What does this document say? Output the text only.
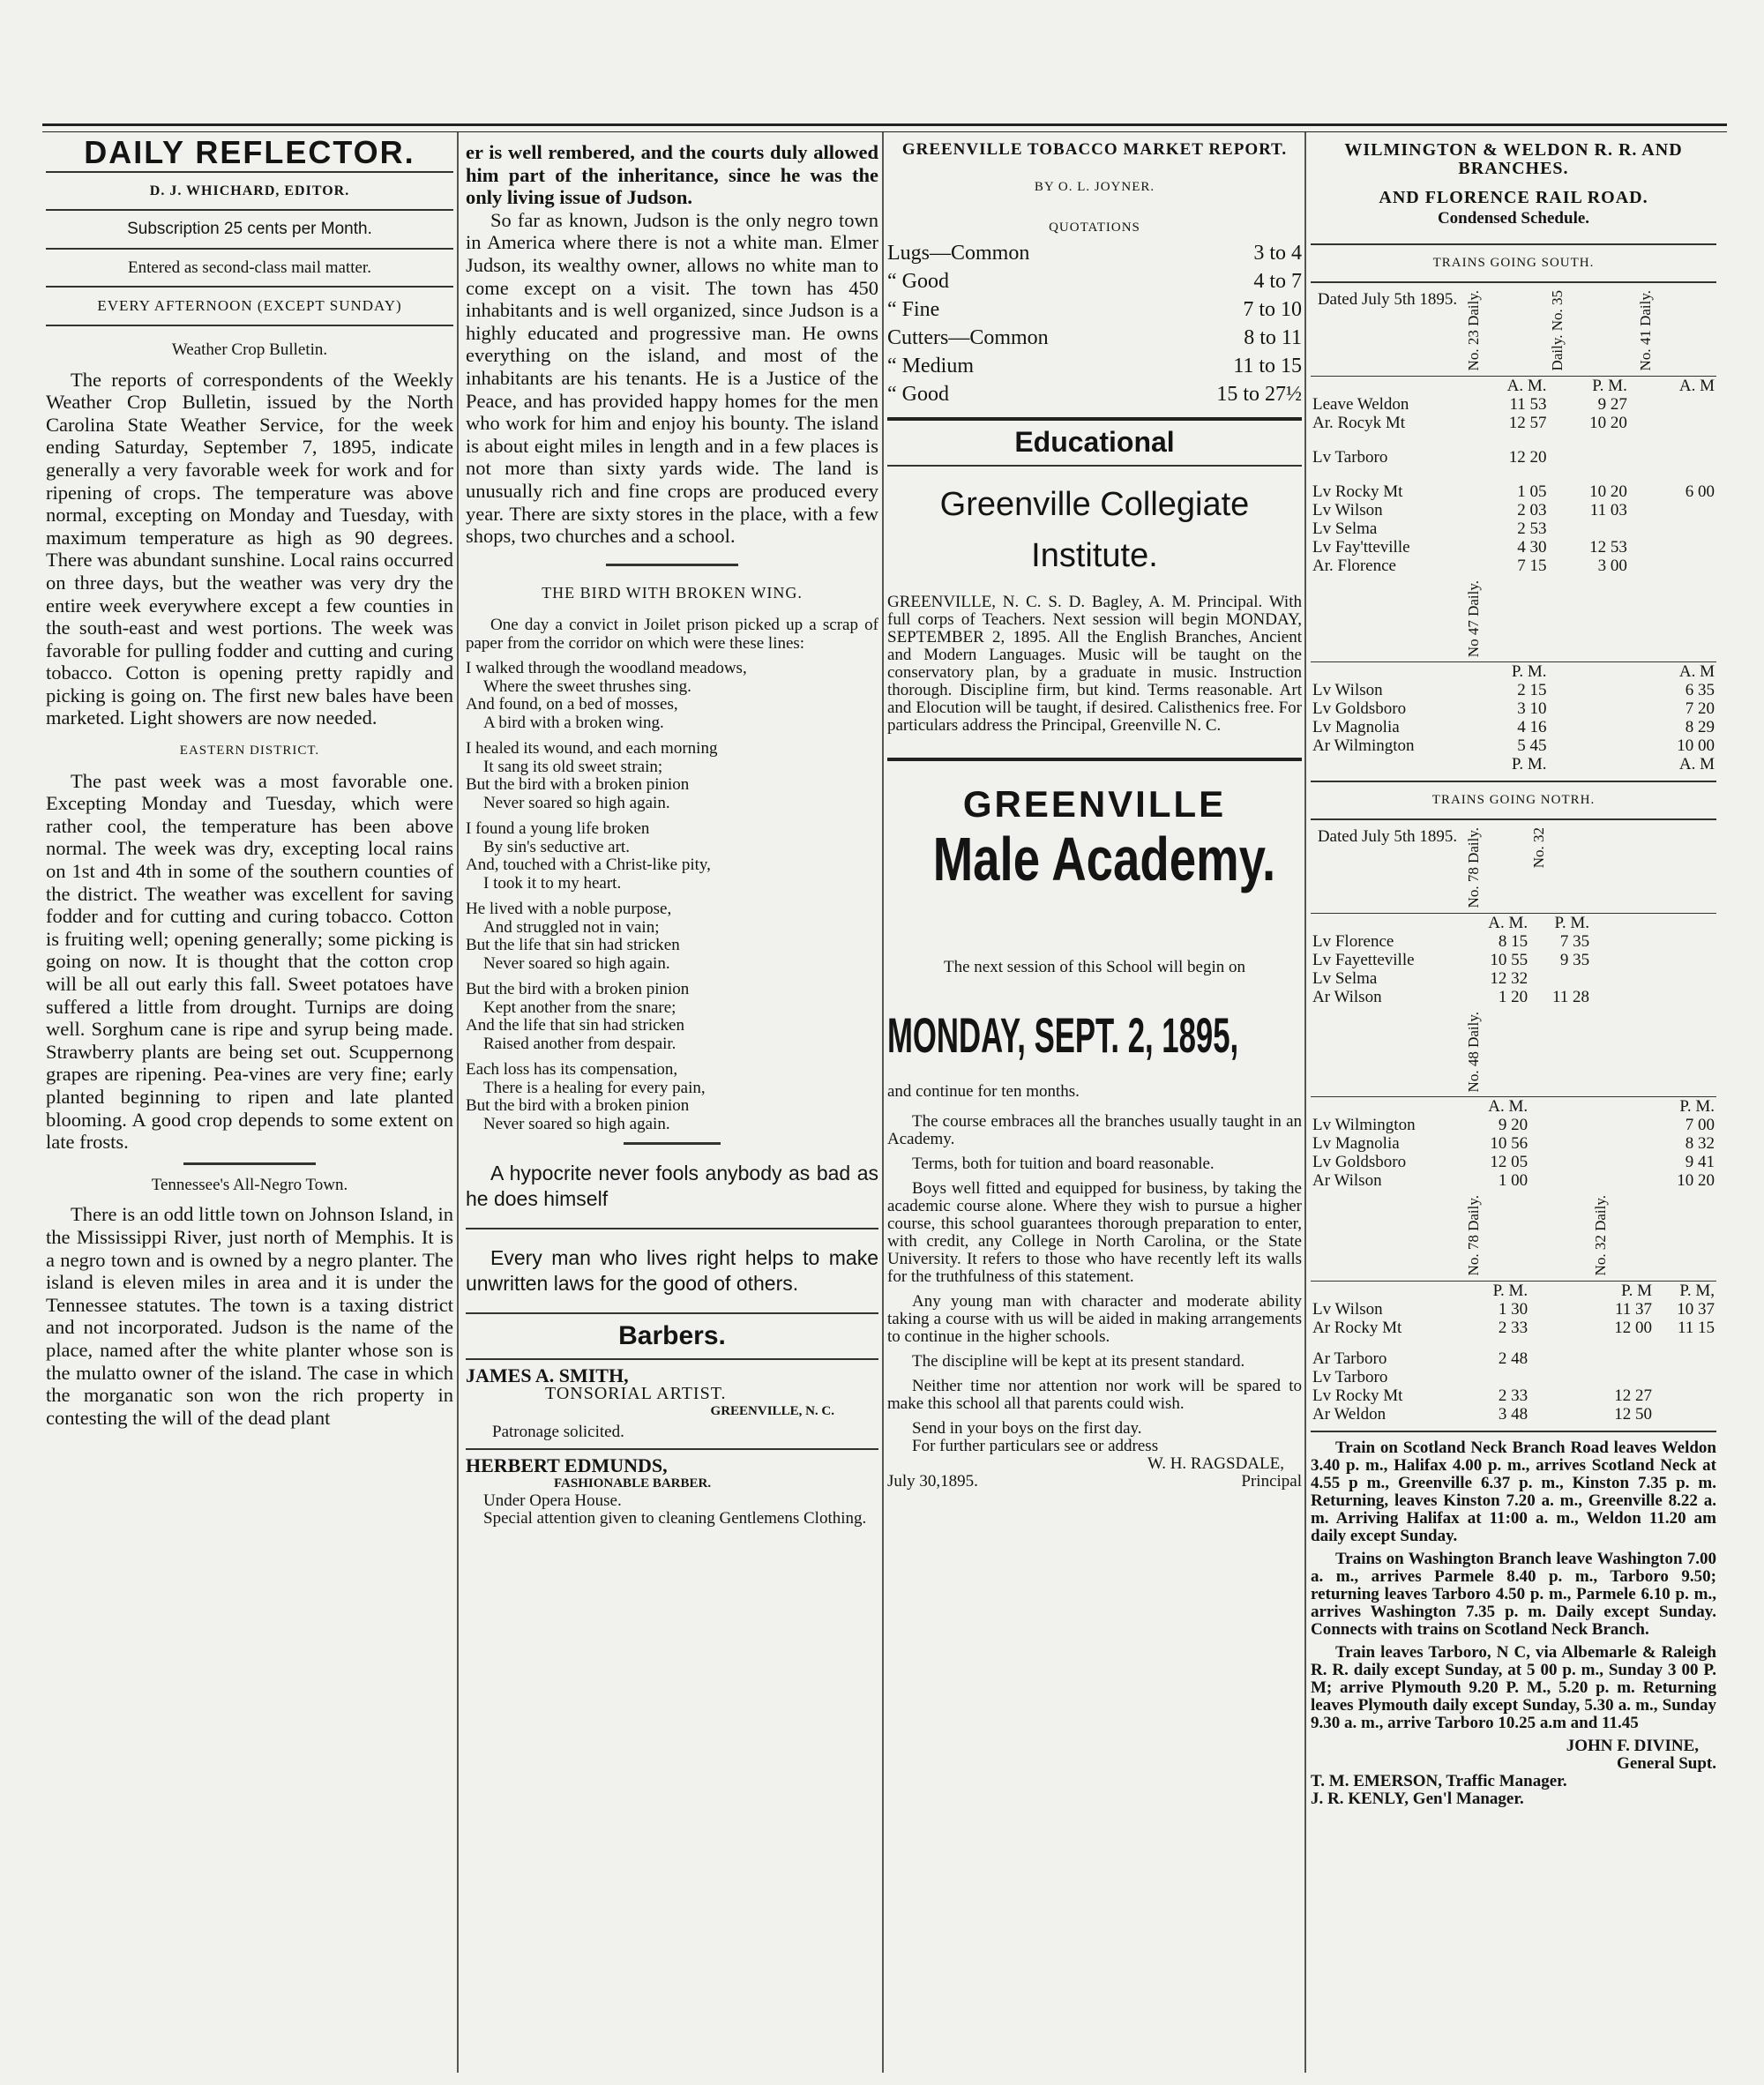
DAILY REFLECTOR.
D. J. WHICHARD, EDITOR.
Subscription 25 cents per Month.
Entered as second-class mail matter.
EVERY AFTERNOON (EXCEPT SUNDAY)
Weather Crop Bulletin.

The reports of correspondents of the Weekly Weather Crop Bulletin, issued by the North Carolina State Weather Service, for the week ending Saturday, September 7, 1895, indicate generally a very favorable week for work and for ripening of crops. The temperature was above normal, excepting on Monday and Tuesday, with maximum temperature as high as 90 degrees. There was abundant sunshine. Local rains occurred on three days, but the weather was very dry the entire week everywhere except a few counties in the south-east and west portions. The week was favorable for pulling fodder and cutting and curing tobacco. Cotton is opening pretty rapidly and picking is going on. The first new bales have been marketed. Light showers are now needed.

EASTERN DISTRICT.

The past week was a most favorable one. Excepting Monday and Tuesday, which were rather cool, the temperature has been above normal. The week was dry, excepting local rains on 1st and 4th in some of the southern counties of the district. The weather was excellent for saving fodder and for cutting and curing tobacco. Cotton is fruiting well; opening generally; some picking is going on now. It is thought that the cotton crop will be all out early this fall. Sweet potatoes have suffered a little from drought. Turnips are doing well. Sorghum cane is ripe and syrup being made. Strawberry plants are being set out. Scuppernong grapes are ripening. Pea-vines are very fine; early planted beginning to ripen and late planted blooming. A good crop depends to some extent on late frosts.

Tennessee's All-Negro Town.

There is an odd little town on Johnson Island, in the Mississippi River, just north of Memphis. It is a negro town and is owned by a negro planter. The island is eleven miles in area and it is under the Tennessee statutes. The town is a taxing district and not incorporated. Judson is the name of the place, named after the white planter whose son is the mulatto owner of the island. The case in which the morganatic son won the rich property in contesting the will of the dead plant

er is well rembered, and the courts duly allowed him part of the inheritance, since he was the only living issue of Judson.

So far as known, Judson is the only negro town in America where there is not a white man. Elmer Judson, its wealthy owner, allows no white man to come except on a visit. The town has 450 inhabitants and is well organized, since Judson is a highly educated and progressive man. He owns everything on the island, and most of the inhabitants are his tenants. He is a Justice of the Peace, and has provided happy homes for the men who work for him and enjoy his bounty. The island is about eight miles in length and in a few places is not more than sixty yards wide. The land is unusually rich and fine crops are produced every year. There are sixty stores in the place, with a few shops, two churches and a school.

THE BIRD WITH BROKEN WING.

One day a convict in Joilet prison picked up a scrap of paper from the corridor on which were these lines:

I walked through the woodland meadows,
Where the sweet thrushes sing.
And found, on a bed of mosses,
A bird with a broken wing.
I healed its wound, and each morning
It sang its old sweet strain;
But the bird with a broken pinion
Never soared so high again.
I found a young life broken
By sin's seductive art.
And, touched with a Christ-like pity,
I took it to my heart.
He lived with a noble purpose,
And struggled not in vain;
But the life that sin had stricken
Never soared so high again.
But the bird with a broken pinion
Kept another from the snare;
And the life that sin had stricken
Raised another from despair.
Each loss has its compensation,
There is a healing for every pain,
But the bird with a broken pinion
Never soared so high again.

A hypocrite never fools anybody as bad as he does himself

Every man who lives right helps to make unwritten laws for the good of others.

Barbers.
JAMES A. SMITH,
TONSORIAL ARTIST.
GREENVILLE, N. C.
Patronage solicited.
HERBERT EDMUNDS,
FASHIONABLE BARBER.
Under Opera House.
Special attention given to cleaning Gentlemens Clothing.
GREENVILLE TOBACCO MARKET REPORT.
BY O. L. JOYNER.
QUOTATIONS
Lugs—Common	3 to 4
“ Good	4 to 7
“ Fine	7 to 10
Cutters—Common	8 to 11
“ Medium	11 to 15
“ Good	15 to 27½
Educational
Greenville Collegiate Institute.

GREENVILLE, N. C. S. D. Bagley, A. M. Principal. With full corps of Teachers. Next session will begin MONDAY, SEPTEMBER 2, 1895. All the English Branches, Ancient and Modern Languages. Music will be taught on the conservatory plan, by a graduate in music. Instruction thorough. Discipline firm, but kind. Terms reasonable. Art and Elocution will be taught, if desired. Calisthenics free. For particulars address the Principal, Greenville N. C.

GREENVILLE
Male Academy.
The next session of this School will begin on
MONDAY, SEPT. 2, 1895,
and continue for ten months.

The course embraces all the branches usually taught in an Academy.

Terms, both for tuition and board reasonable.

Boys well fitted and equipped for business, by taking the academic course alone. Where they wish to pursue a higher course, this school guarantees thorough preparation to enter, with credit, any College in North Carolina, or the State University. It refers to those who have recently left its walls for the truthfulness of this statement.

Any young man with character and moderate ability taking a course with us will be aided in making arrangements to continue in the higher schools.

The discipline will be kept at its present standard.

Neither time nor attention nor work will be spared to make this school all that parents could wish.

Send in your boys on the first day.

For further particulars see or address

W. H. RAGSDALE,
July 30,1895.	Principal
WILMINGTON & WELDON R. R. AND BRANCHES.
AND FLORENCE RAIL ROAD.
Condensed Schedule.
TRAINS GOING SOUTH.
Dated July 5th 1895.	No. 23 Daily.	Daily. No. 35		No. 41 Daily.
	A. M.	P. M.		A. M
Leave Weldon	11 53	9 27		
Ar. Rocyk Mt	12 57	10 20		
Lv Tarboro	12 20			
Lv Rocky Mt	1 05	10 20		6 00
Lv Wilson	2 03	11 03		
Lv Selma	2 53			
Lv Fay'tteville	4 30	12 53		
Ar. Florence	7 15	3 00		

	No 47 Daily.			
	P. M.			A. M
Lv Wilson	2 15			6 35
Lv Goldsboro	3 10			7 20
Lv Magnolia	4 16			8 29
Ar Wilmington	5 45			10 00
	P. M.			A. M
TRAINS GOING NOTRH.
Dated July 5th 1895.	No. 78 Daily.	No. 32		
	A. M.	P. M.		
Lv Florence	8 15	7 35		
Lv Fayetteville	10 55	9 35		
Lv Selma	12 32			
Ar Wilson	1 20	11 28		

	No. 48 Daily.			
	A. M.			P. M.
Lv Wilmington	9 20			7 00
Lv Magnolia	10 56			8 32
Lv Goldsboro	12 05			9 41
Ar Wilson	1 00			10 20

	No. 78 Daily.		No. 32 Daily.	
	P. M.		P. M	P. M,
Lv Wilson	1 30		11 37	10 37
Ar Rocky Mt	2 33		12 00	11 15
Ar Tarboro	2 48			
Lv Tarboro				
Lv Rocky Mt	2 33		12 27	
Ar Weldon	3 48		12 50	

Train on Scotland Neck Branch Road leaves Weldon 3.40 p. m., Halifax 4.00 p. m., arrives Scotland Neck at 4.55 p m., Greenville 6.37 p. m., Kinston 7.35 p. m. Returning, leaves Kinston 7.20 a. m., Greenville 8.22 a. m. Arriving Halifax at 11:00 a. m., Weldon 11.20 am daily except Sunday.

Trains on Washington Branch leave Washington 7.00 a. m., arrives Parmele 8.40 p. m., Tarboro 9.50; returning leaves Tarboro 4.50 p. m., Parmele 6.10 p. m., arrives Washington 7.35 p. m. Daily except Sunday. Connects with trains on Scotland Neck Branch.

Train leaves Tarboro, N C, via Albemarle & Raleigh R. R. daily except Sunday, at 5 00 p. m., Sunday 3 00 P. M; arrive Plymouth 9.20 P. M., 5.20 p. m. Returning leaves Plymouth daily except Sunday, 5.30 a. m., Sunday 9.30 a. m., arrive Tarboro 10.25 a.m and 11.45

JOHN F. DIVINE,
General Supt.
T. M. EMERSON, Traffic Manager.
J. R. KENLY, Gen'l Manager.
